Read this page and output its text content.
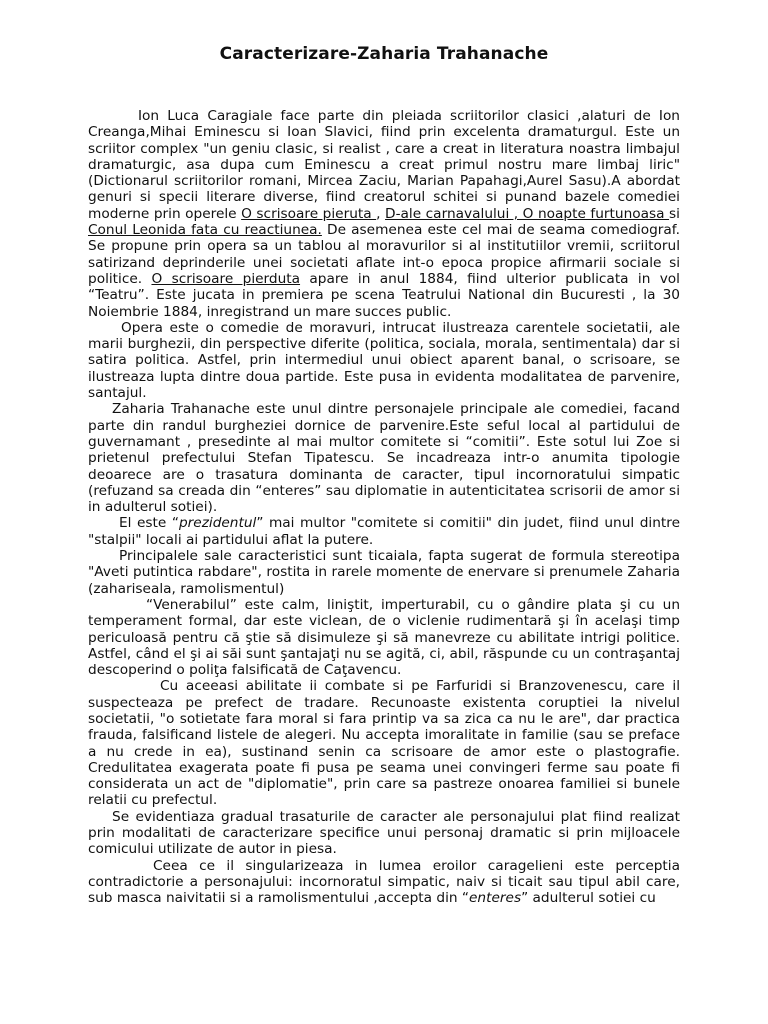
Caracterizare-Zaharia Trahanache

Ion Luca Caragiale face parte din pleiada scriitorilor clasici ,alaturi de Ion Creanga,Mihai Eminescu si Ioan Slavici, fiind prin excelenta dramaturgul. Este un scriitor complex "un geniu clasic, si realist , care a creat in literatura noastra limbajul dramaturgic, asa dupa cum Eminescu a creat primul nostru mare limbaj liric"(Dictionarul scriitorilor romani, Mircea Zaciu, Marian Papahagi,Aurel Sasu).A abordat genuri si specii literare diverse, fiind creatorul schitei si punand bazele comediei moderne prin operele O scrisoare pieruta , D-ale carnavalului , O noapte furtunoasa si Conul Leonida fata cu reactiunea. De asemenea este cel mai de seama comediograf. Se propune prin opera sa un tablou al moravurilor si al institutiilor vremii, scriitorul satirizand deprinderile unei societati aflate int-o epoca propice afirmarii sociale si politice. O scrisoare pierduta apare in anul 1884, fiind ulterior publicata in vol “Teatru”. Este jucata in premiera pe scena Teatrului National din Bucuresti , la 30 Noiembrie 1884, inregistrand un mare succes public.

Opera este o comedie de moravuri, intrucat ilustreaza carentele societatii, ale marii burghezii, din perspective diferite (politica, sociala, morala, sentimentala) dar si satira politica. Astfel, prin intermediul unui obiect aparent banal, o scrisoare, se ilustreaza lupta dintre doua partide. Este pusa in evidenta modalitatea de parvenire, santajul.

Zaharia Trahanache este unul dintre personajele principale ale comediei, facand parte din randul burgheziei dornice de parvenire.Este seful local al partidului de guvernamant , presedinte al mai multor comitete si “comitii”. Este sotul lui Zoe si prietenul prefectului Stefan Tipatescu. Se incadreaza intr-o anumita tipologie deoarece are o trasatura dominanta de caracter, tipul incornoratului simpatic (refuzand sa creada din “enteres” sau diplomatie in autenticitatea scrisorii de amor si in adulterul sotiei).

El este “prezidentul” mai multor "comitete si comitii" din judet, fiind unul dintre "stalpii" locali ai partidului aflat la putere.

Principalele sale caracteristici sunt ticaiala, fapta sugerat de formula stereotipa "Aveti putintica rabdare", rostita in rarele momente de enervare si prenumele Zaharia (zahariseala, ramolismentul)

“Venerabilul” este calm, liniştit, imperturabil, cu o gândire plata şi cu un temperament formal, dar este viclean, de o viclenie rudimentară şi în acelaşi timp periculoasă pentru că ştie să disimuleze şi să manevreze cu abilitate intrigi politice. Astfel, când el şi ai săi sunt şantajaţi nu se agită, ci, abil, răspunde cu un contraşantaj descoperind o poliţa falsificată de Caţavencu.

Cu aceeasi abilitate ii combate si pe Farfuridi si Branzovenescu, care il suspecteaza pe prefect de tradare. Recunoaste existenta coruptiei la nivelul societatii, "o sotietate fara moral si fara printip va sa zica ca nu le are", dar practica frauda, falsificand listele de alegeri. Nu accepta imoralitate in familie (sau se preface a nu crede in ea), sustinand senin ca scrisoare de amor este o plastografie. Credulitatea exagerata poate fi pusa pe seama unei convingeri ferme sau poate fi considerata un act de "diplomatie", prin care sa pastreze onoarea familiei si bunele relatii cu prefectul.

Se evidentiaza gradual trasaturile de caracter ale personajului plat fiind realizat prin modalitati de caracterizare specifice unui personaj dramatic si prin mijloacele comicului utilizate de autor in piesa.

Ceea ce il singularizeaza in lumea eroilor caragelieni este perceptia contradictorie a personajului: incornoratul simpatic, naiv si ticait sau tipul abil care, sub masca naivitatii si a ramolismentului ,accepta din “enteres” adulterul sotiei cu
